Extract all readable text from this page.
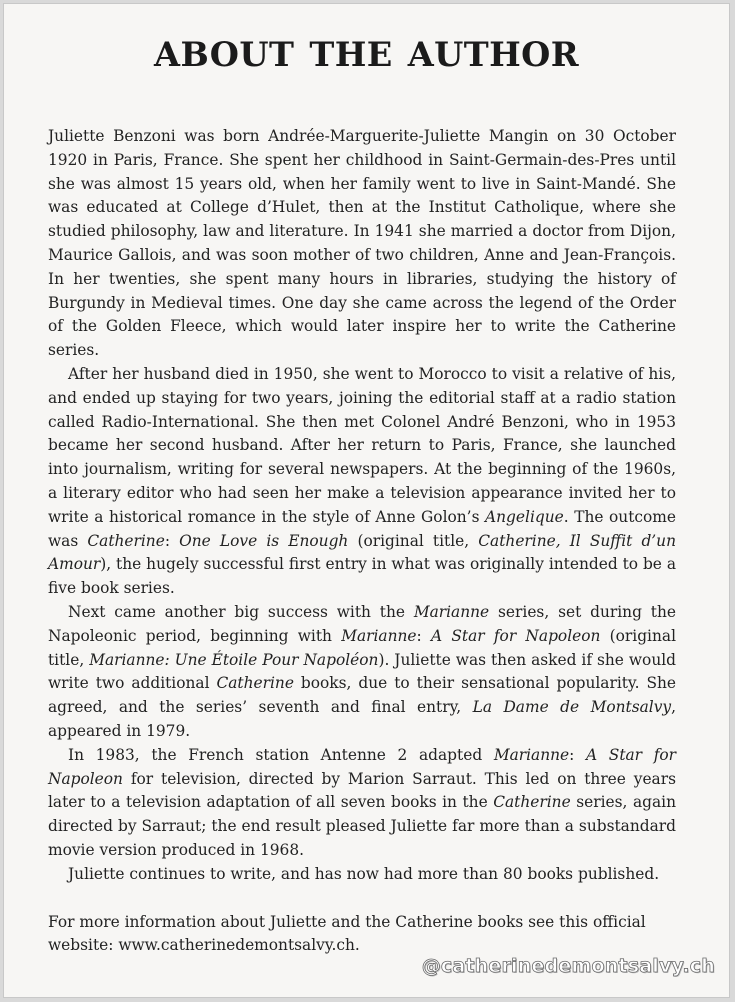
ABOUT THE AUTHOR

Juliette Benzoni was born Andrée-Marguerite-Juliette Mangin on 30 October 1920 in Paris, France. She spent her childhood in Saint-Germain-des-Pres until she was almost 15 years old, when her family went to live in Saint-Mandé. She was educated at College d’Hulet, then at the Institut Catholique, where she studied philosophy, law and literature. In 1941 she married a doctor from Dijon, Maurice Gallois, and was soon mother of two children, Anne and Jean-François. In her twenties, she spent many hours in libraries, studying the history of Burgundy in Medieval times. One day she came across the legend of the Order of the Golden Fleece, which would later inspire her to write the Catherine series.

After her husband died in 1950, she went to Morocco to visit a relative of his, and ended up staying for two years, joining the editorial staff at a radio station called Radio-International. She then met Colonel André Benzoni, who in 1953 became her second husband. After her return to Paris, France, she launched into journalism, writing for several newspapers. At the beginning of the 1960s, a literary editor who had seen her make a television appearance invited her to write a historical romance in the style of Anne Golon’s Angelique. The outcome was Catherine: One Love is Enough (original title, Catherine, Il Suffit d’un Amour), the hugely successful first entry in what was originally intended to be a five book series.

Next came another big success with the Marianne series, set during the Napoleonic period, beginning with Marianne: A Star for Napoleon (original title, Marianne: Une Étoile Pour Napoléon). Juliette was then asked if she would write two additional Catherine books, due to their sensational popularity. She agreed, and the series’ seventh and final entry, La Dame de Montsalvy, appeared in 1979.

In 1983, the French station Antenne 2 adapted Marianne: A Star for Napoleon for television, directed by Marion Sarraut. This led on three years later to a television adaptation of all seven books in the Catherine series, again directed by Sarraut; the end result pleased Juliette far more than a substandard movie version produced in 1968.

Juliette continues to write, and has now had more than 80 books published.

For more information about Juliette and the Catherine books see this official
website: www.catherinedemontsalvy.ch.

@catherinedemontsalvy.ch
